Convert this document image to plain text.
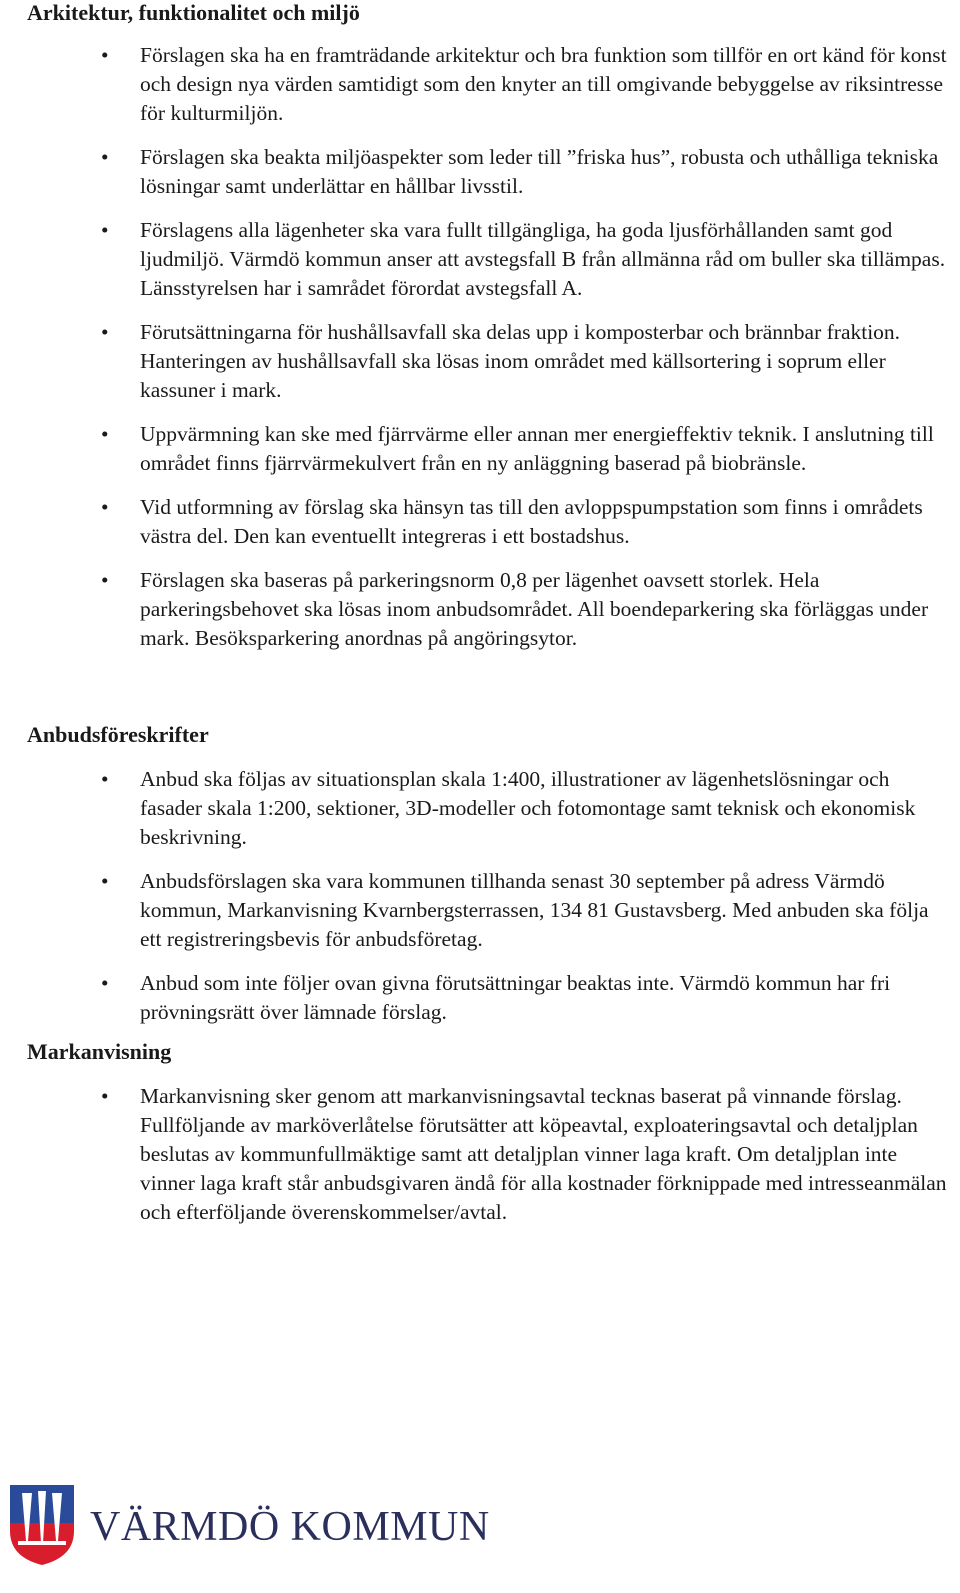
Arkitektur, funktionalitet och miljö
• Förslagen ska ha en framträdande arkitektur och bra funktion som tillför en ort känd för konst och design nya värden samtidigt som den knyter an till omgivande bebyggelse av riksintresse för kulturmiljön.
• Förslagen ska beakta miljöaspekter som leder till ”friska hus”, robusta och uthålliga tekniska lösningar samt underlättar en hållbar livsstil.
• Förslagens alla lägenheter ska vara fullt tillgängliga, ha goda ljusförhållanden samt god ljudmiljö. Värmdö kommun anser att avstegsfall B från allmänna råd om buller ska tillämpas. Länsstyrelsen har i samrådet förordat avstegsfall A.
• Förutsättningarna för hushållsavfall ska delas upp i komposterbar och brännbar fraktion. Hanteringen av hushållsavfall ska lösas inom området med källsortering i soprum eller kassuner i mark.
• Uppvärmning kan ske med fjärrvärme eller annan mer energieffektiv teknik. I anslutning till området finns fjärrvärmekulvert från en ny anläggning baserad på biobränsle.
• Vid utformning av förslag ska hänsyn tas till den avloppspumpstation som finns i områdets västra del. Den kan eventuellt integreras i ett bostadshus.
• Förslagen ska baseras på parkeringsnorm 0,8 per lägenhet oavsett storlek. Hela parkeringsbehovet ska lösas inom anbudsområdet. All boendeparkering ska förläggas under mark. Besöksparkering anordnas på angöringsytor.
Anbudsföreskrifter
• Anbud ska följas av situationsplan skala 1:400, illustrationer av lägenhetslösningar och fasader skala 1:200, sektioner, 3D-modeller och fotomontage samt teknisk och ekonomisk beskrivning.
• Anbudsförslagen ska vara kommunen tillhanda senast 30 september på adress Värmdö kommun, Markanvisning Kvarnbergsterrassen, 134 81 Gustavsberg. Med anbuden ska följa ett registreringsbevis för anbudsföretag.
• Anbud som inte följer ovan givna förutsättningar beaktas inte. Värmdö kommun har fri prövningsrätt över lämnade förslag.
Markanvisning
• Markanvisning sker genom att markanvisningsavtal tecknas baserat på vinnande förslag. Fullföljande av marköverlåtelse förutsätter att köpeavtal, exploateringsavtal och detaljplan beslutas av kommunfullmäktige samt att detaljplan vinner laga kraft. Om detaljplan inte vinner laga kraft står anbudsgivaren ändå för alla kostnader förknippade med intresseanmälan och efterföljande överenskommelser/avtal.
VÄRMDÖ KOMMUN
